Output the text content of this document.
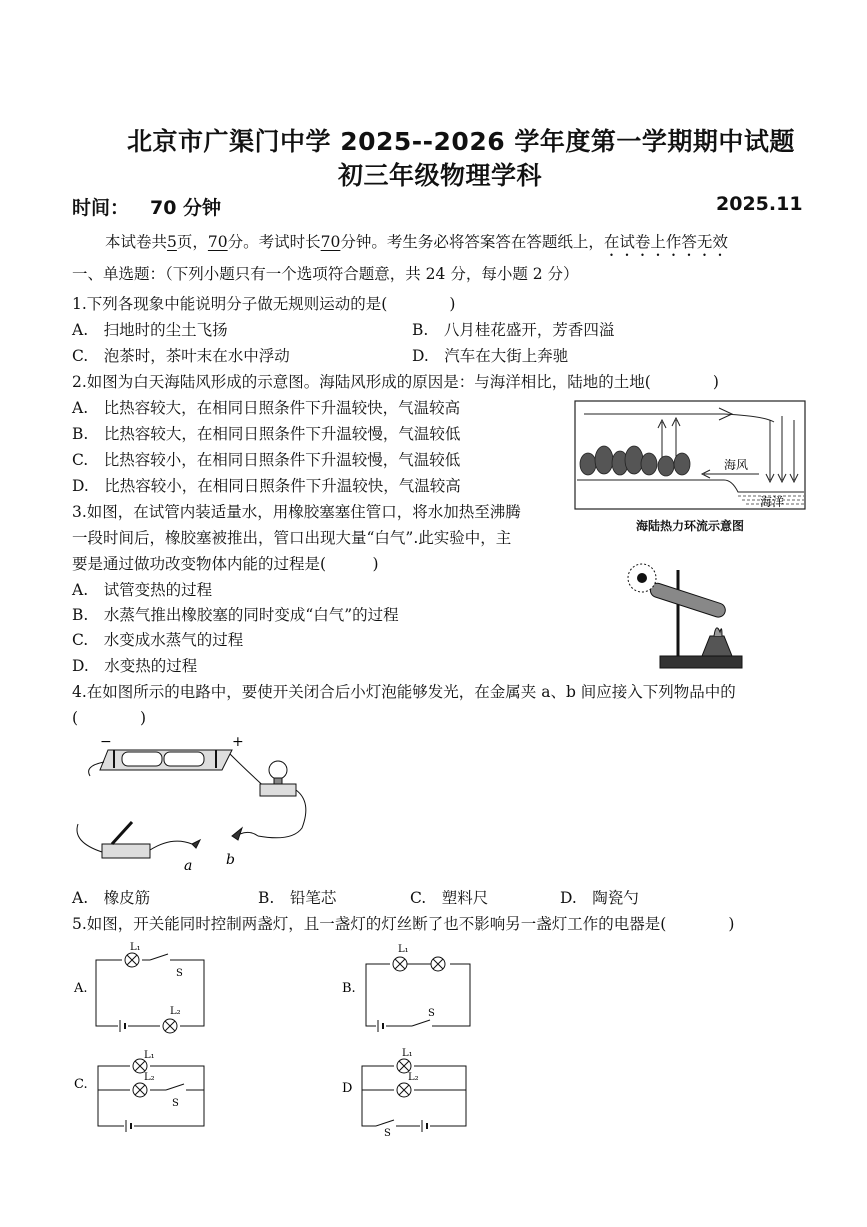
北京市广渠门中学 2025--2026 学年度第一学期期中试题
初三年级物理学科
时间： 70 分钟	2025.11
本试卷共5页，70分。考试时长70分钟。考生务必将答案答在答题纸上，在试卷上作答无效
一、单选题：（下列小题只有一个选项符合题意，共 24 分，每小题 2 分）
1.下列各现象中能说明分子做无规则运动的是(　　　　)
A.　扫地时的尘土飞扬	B.　八月桂花盛开，芳香四溢
C.　泡茶时，茶叶末在水中浮动	D.　汽车在大街上奔驰
2.如图为白天海陆风形成的示意图。海陆风形成的原因是：与海洋相比，陆地的土地(　　　　)
A.　比热容较大，在相同日照条件下升温较快，气温较高
B.　比热容较大，在相同日照条件下升温较慢，气温较低
C.　比热容较小，在相同日照条件下升温较慢，气温较低
D.　比热容较小，在相同日照条件下升温较快，气温较高
海风
海洋
海陆热力环流示意图
3.如图，在试管内装适量水，用橡胶塞塞住管口，将水加热至沸腾
一段时间后，橡胶塞被推出，管口出现大量“白气”.此实验中，主
要是通过做功改变物体内能的过程是(　　　)
A.　试管变热的过程
B.　水蒸气推出橡胶塞的同时变成“白气”的过程
C.　水变成水蒸气的过程
D.　水变热的过程
4.在如图所示的电路中，要使开关闭合后小灯泡能够发光，在金属夹 a、b 间应接入下列物品中的
(　　　　)
−	+
a b
A.　橡皮筋	B.　铅笔芯	C.　塑料尺	D.　陶瓷勺
5.如图，开关能同时控制两盏灯，且一盏灯的灯丝断了也不影响另一盏灯工作的电器是(　　　　)
A.
L₁
S
L₂
B.
L₁
S
C.
L₁
L₂
S
D
L₁
L₂
S
